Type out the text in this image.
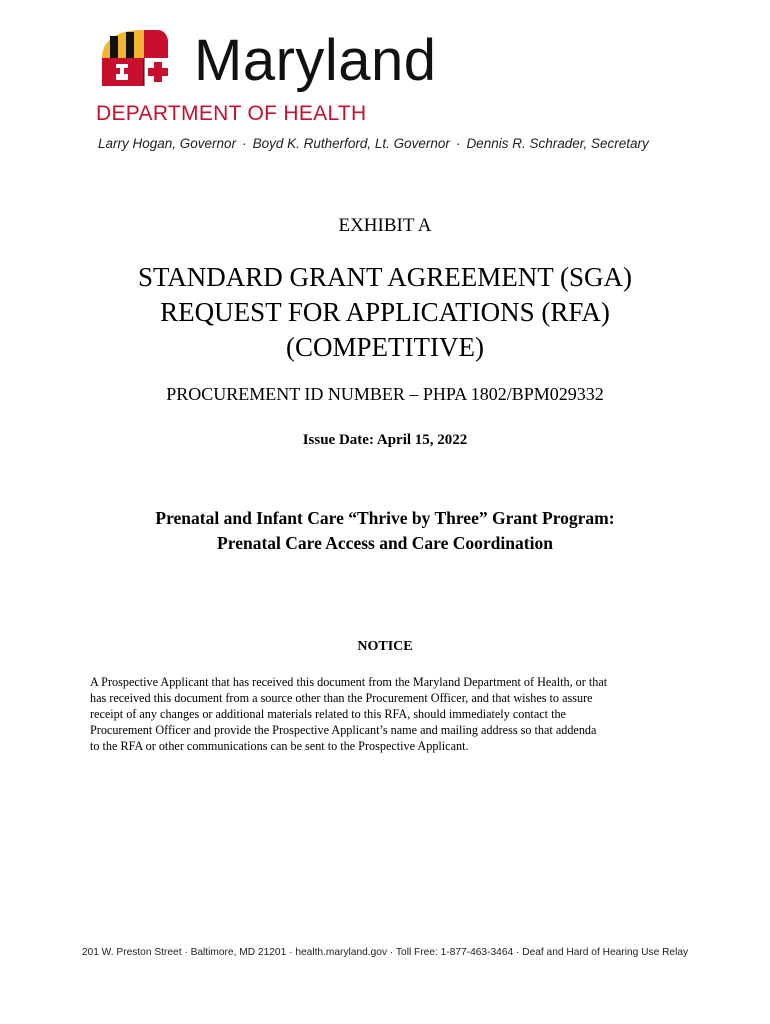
Maryland
DEPARTMENT OF HEALTH
Larry Hogan, Governor · Boyd K. Rutherford, Lt. Governor · Dennis R. Schrader, Secretary
EXHIBIT A
STANDARD GRANT AGREEMENT (SGA)
REQUEST FOR APPLICATIONS (RFA)
(COMPETITIVE)
PROCUREMENT ID NUMBER – PHPA 1802/BPM029332
Issue Date: April 15, 2022
Prenatal and Infant Care “Thrive by Three” Grant Program:
Prenatal Care Access and Care Coordination
NOTICE
A Prospective Applicant that has received this document from the Maryland Department of Health, or that
has received this document from a source other than the Procurement Officer, and that wishes to assure
receipt of any changes or additional materials related to this RFA, should immediately contact the
Procurement Officer and provide the Prospective Applicant’s name and mailing address so that addenda
to the RFA or other communications can be sent to the Prospective Applicant.
201 W. Preston Street · Baltimore, MD 21201 · health.maryland.gov · Toll Free: 1-877-463-3464 · Deaf and Hard of Hearing Use Relay
